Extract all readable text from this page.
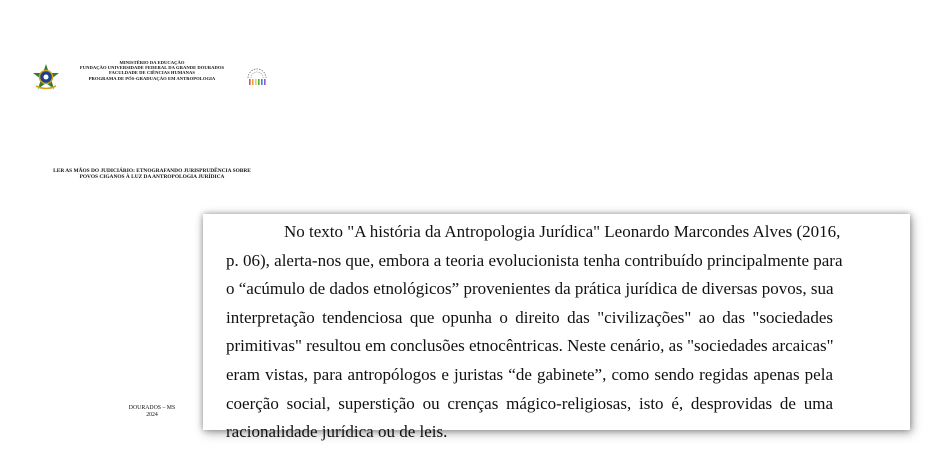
MINISTÉRIO DA EDUCAÇÃO
FUNDAÇÃO UNIVERSIDADE FEDERAL DA GRANDE DOURADOS
FACULDADE DE CIÊNCIAS HUMANAS
PROGRAMA DE PÓS-GRADUAÇÃO EM ANTROPOLOGIA
LER AS MÃOS DO JUDICIÁRIO: ETNOGRAFANDO JURISPRUDÊNCIA SOBRE
POVOS CIGANOS À LUZ DA ANTROPOLOGIA JURÍDICA
DOURADOS – MS
2024
No texto "A história da Antropologia Jurídica" Leonardo Marcondes Alves (2016,
p. 06), alerta-nos que, embora a teoria evolucionista tenha contribuído principalmente para
o “acúmulo de dados etnológicos” provenientes da prática jurídica de diversas povos, sua
interpretação tendenciosa que opunha o direito das "civilizações" ao das "sociedades
primitivas" resultou em conclusões etnocêntricas. Neste cenário, as "sociedades arcaicas"
eram vistas, para antropólogos e juristas “de gabinete”, como sendo regidas apenas pela
coerção social, superstição ou crenças mágico-religiosas, isto é, desprovidas de uma
racionalidade jurídica ou de leis.
